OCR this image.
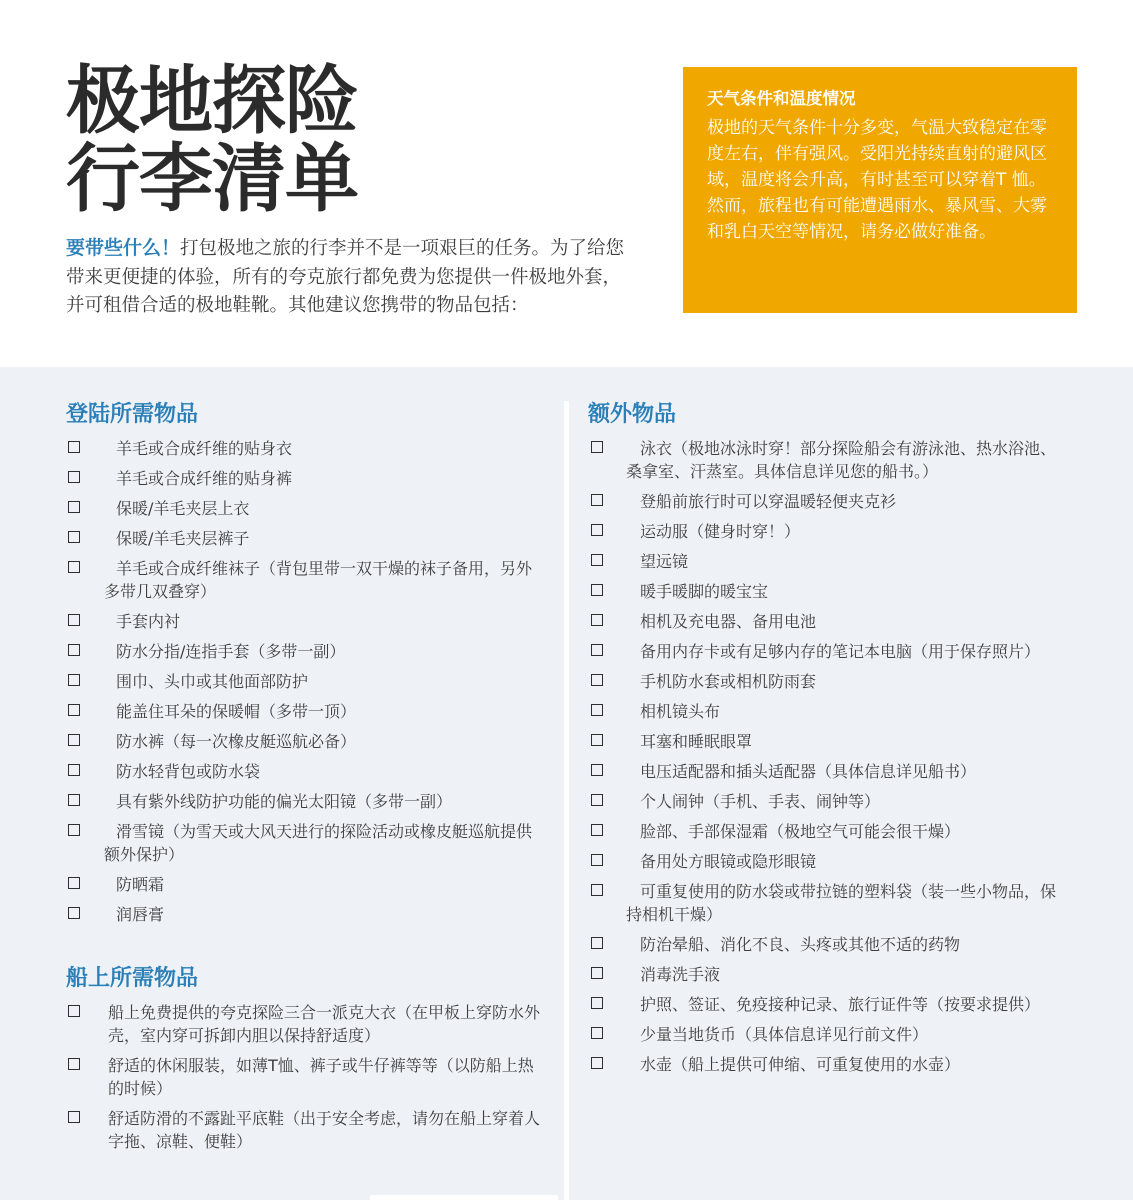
极地探险
行李清单
要带些什么！打包极地之旅的行李并不是一项艰巨的任务。为了给您带来更便捷的体验，所有的夸克旅行都免费为您提供一件极地外套，并可租借合适的极地鞋靴。其他建议您携带的物品包括：
天气条件和温度情况
极地的天气条件十分多变，气温大致稳定在零度左右，伴有强风。受阳光持续直射的避风区域，温度将会升高，有时甚至可以穿着T 恤。然而，旅程也有可能遭遇雨水、暴风雪、大雾和乳白天空等情况，请务必做好准备。
登陆所需物品
羊毛或合成纤维的贴身衣
羊毛或合成纤维的贴身裤
保暖/羊毛夹层上衣
保暖/羊毛夹层裤子
羊毛或合成纤维袜子（背包里带一双干燥的袜子备用，另外多带几双叠穿）
手套内衬
防水分指/连指手套（多带一副）
围巾、头巾或其他面部防护
能盖住耳朵的保暖帽（多带一顶）
防水裤（每一次橡皮艇巡航必备）
防水轻背包或防水袋
具有紫外线防护功能的偏光太阳镜（多带一副）
滑雪镜（为雪天或大风天进行的探险活动或橡皮艇巡航提供额外保护）
防晒霜
润唇膏
船上所需物品
船上免费提供的夸克探险三合一派克大衣（在甲板上穿防水外壳，室内穿可拆卸内胆以保持舒适度）
舒适的休闲服装，如薄T恤、裤子或牛仔裤等等（以防船上热的时候）
舒适防滑的不露趾平底鞋（出于安全考虑，请勿在船上穿着人字拖、凉鞋、便鞋）
额外物品
泳衣（极地冰泳时穿！部分探险船会有游泳池、热水浴池、桑拿室、汗蒸室。具体信息详见您的船书。）
登船前旅行时可以穿温暖轻便夹克衫
运动服（健身时穿！）
望远镜
暖手暖脚的暖宝宝
相机及充电器、备用电池
备用内存卡或有足够内存的笔记本电脑（用于保存照片）
手机防水套或相机防雨套
相机镜头布
耳塞和睡眠眼罩
电压适配器和插头适配器（具体信息详见船书）
个人闹钟（手机、手表、闹钟等）
脸部、手部保湿霜（极地空气可能会很干燥）
备用处方眼镜或隐形眼镜
可重复使用的防水袋或带拉链的塑料袋（装一些小物品，保持相机干燥）
防治晕船、消化不良、头疼或其他不适的药物
消毒洗手液
护照、签证、免疫接种记录、旅行证件等（按要求提供）
少量当地货币（具体信息详见行前文件）
水壶（船上提供可伸缩、可重复使用的水壶）
